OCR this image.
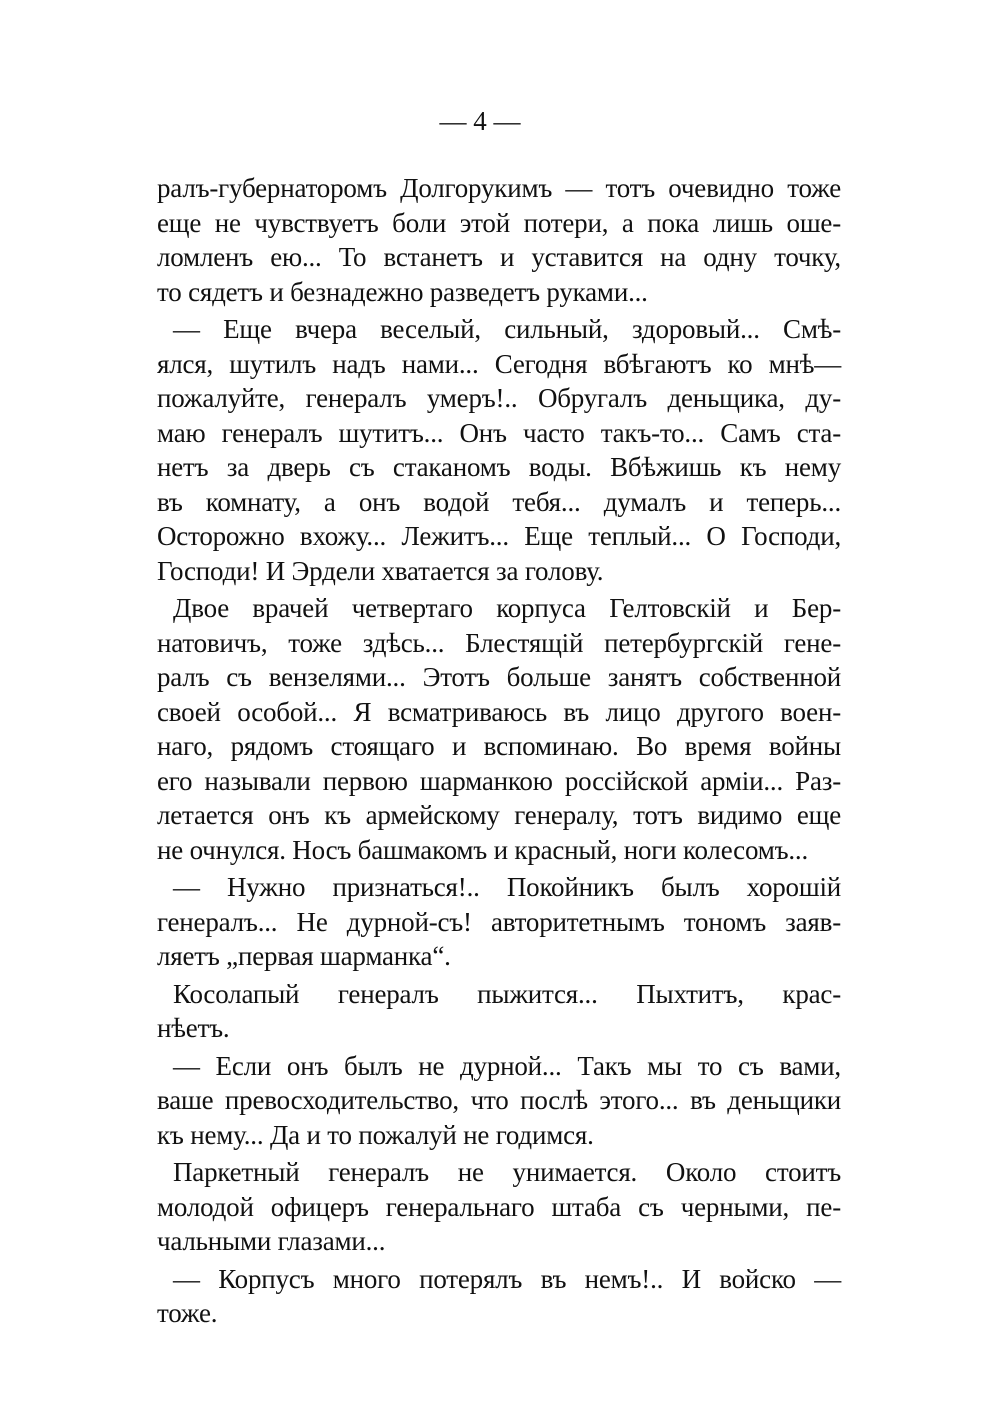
— 4 —
ралъ-губернаторомъ Долгорукимъ — тотъ очевидно тоже
еще не чувствуетъ боли этой потери, а пока лишь оше-
ломленъ ею... То встанетъ и уставится на одну точку,
то сядетъ и безнадежно разведетъ руками...
— Еще вчера веселый, сильный, здоровый... Смѣ-
ялся, шутилъ надъ нами... Сегодня вбѣгаютъ ко мнѣ—
пожалуйте, генералъ умеръ!.. Обругалъ деньщика, ду-
маю генералъ шутитъ... Онъ часто такъ-то... Самъ ста-
нетъ за дверь съ стаканомъ воды. Вбѣжишь къ нему
въ комнату, а онъ водой тебя... думалъ и теперь...
Осторожно вхожу... Лежитъ... Еще теплый... О Господи,
Господи! И Эрдели хватается за голову.
Двое врачей четвертаго корпуса Гелтовскій и Бер-
натовичъ, тоже здѣсь... Блестящій петербургскій гене-
ралъ съ вензелями... Этотъ больше занятъ собственной
своей особой... Я всматриваюсь въ лицо другого воен-
наго, рядомъ стоящаго и вспоминаю. Во время войны
его называли первою шарманкою россійской арміи... Раз-
летается онъ къ армейскому генералу, тотъ видимо еще
не очнулся. Носъ башмакомъ и красный, ноги колесомъ...
— Нужно признаться!.. Покойникъ былъ хорошій
генералъ... Не дурной-съ! авторитетнымъ тономъ заяв-
ляетъ „первая шарманка“.
Косолапый генералъ пыжится... Пыхтитъ, крас-
нѣетъ.
— Если онъ былъ не дурной... Такъ мы то съ вами,
ваше превосходительство, что послѣ этого... въ деньщики
къ нему... Да и то пожалуй не годимся.
Паркетный генералъ не унимается. Около стоитъ
молодой офицеръ генеральнаго штаба съ черными, пе-
чальными глазами...
— Корпусъ много потерялъ въ немъ!.. И войско —
тоже.
